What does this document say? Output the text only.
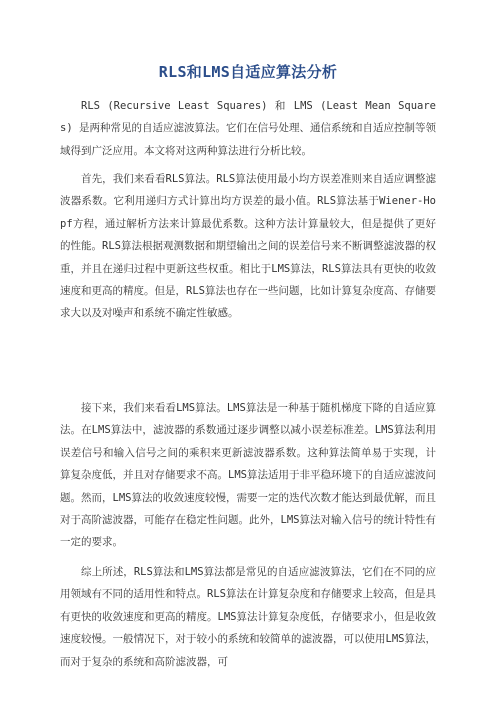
RLS和LMS自适应算法分析

RLS (Recursive Least Squares) 和 LMS (Least Mean Squares) 是两种常见的自适应滤波算法。它们在信号处理、通信系统和自适应控制等领域得到广泛应用。本文将对这两种算法进行分析比较。

首先，我们来看看RLS算法。RLS算法使用最小均方误差准则来自适应调整滤波器系数。它利用递归方式计算出均方误差的最小值。RLS算法基于Wiener-Hopf方程，通过解析方法来计算最优系数。这种方法计算量较大，但是提供了更好的性能。RLS算法根据观测数据和期望输出之间的误差信号来不断调整滤波器的权重，并且在递归过程中更新这些权重。相比于LMS算法，RLS算法具有更快的收敛速度和更高的精度。但是，RLS算法也存在一些问题，比如计算复杂度高、存储要求大以及对噪声和系统不确定性敏感。

接下来，我们来看看LMS算法。LMS算法是一种基于随机梯度下降的自适应算法。在LMS算法中，滤波器的系数通过逐步调整以减小误差标准差。LMS算法利用误差信号和输入信号之间的乘积来更新滤波器系数。这种算法简单易于实现，计算复杂度低，并且对存储要求不高。LMS算法适用于非平稳环境下的自适应滤波问题。然而，LMS算法的收敛速度较慢，需要一定的迭代次数才能达到最优解，而且对于高阶滤波器，可能存在稳定性问题。此外，LMS算法对输入信号的统计特性有一定的要求。

综上所述，RLS算法和LMS算法都是常见的自适应滤波算法，它们在不同的应用领域有不同的适用性和特点。RLS算法在计算复杂度和存储要求上较高，但是具有更快的收敛速度和更高的精度。LMS算法计算复杂度低，存储要求小，但是收敛速度较慢。一般情况下，对于较小的系统和较简单的滤波器，可以使用LMS算法，而对于复杂的系统和高阶滤波器，可
